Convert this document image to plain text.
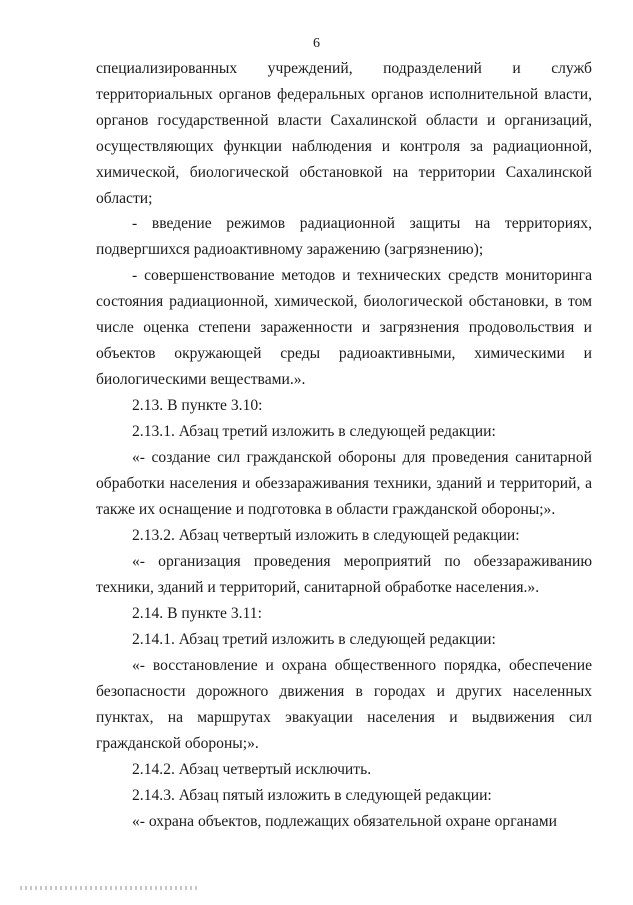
6

специализированных учреждений, подразделений и служб территориальных органов федеральных органов исполнительной власти, органов государственной власти Сахалинской области и организаций, осуществляющих функции наблюдения и контроля за радиационной, химической, биологической обстановкой на территории Сахалинской области;

- введение режимов радиационной защиты на территориях, подвергшихся радиоактивному заражению (загрязнению);

- совершенствование методов и технических средств мониторинга состояния радиационной, химической, биологической обстановки, в том числе оценка степени зараженности и загрязнения продовольствия и объектов окружающей среды радиоактивными, химическими и биологическими веществами.».

2.13. В пункте 3.10:

2.13.1. Абзац третий изложить в следующей редакции:

«- создание сил гражданской обороны для проведения санитарной обработки населения и обеззараживания техники, зданий и территорий, а также их оснащение и подготовка в области гражданской обороны;».

2.13.2. Абзац четвертый изложить в следующей редакции:

«- организация проведения мероприятий по обеззараживанию техники, зданий и территорий, санитарной обработке населения.».

2.14. В пункте 3.11:

2.14.1. Абзац третий изложить в следующей редакции:

«- восстановление и охрана общественного порядка, обеспечение безопасности дорожного движения в городах и других населенных пунктах, на маршрутах эвакуации населения и выдвижения сил гражданской обороны;».

2.14.2. Абзац четвертый исключить.

2.14.3. Абзац пятый изложить в следующей редакции:

«- охрана объектов, подлежащих обязательной охране органами
